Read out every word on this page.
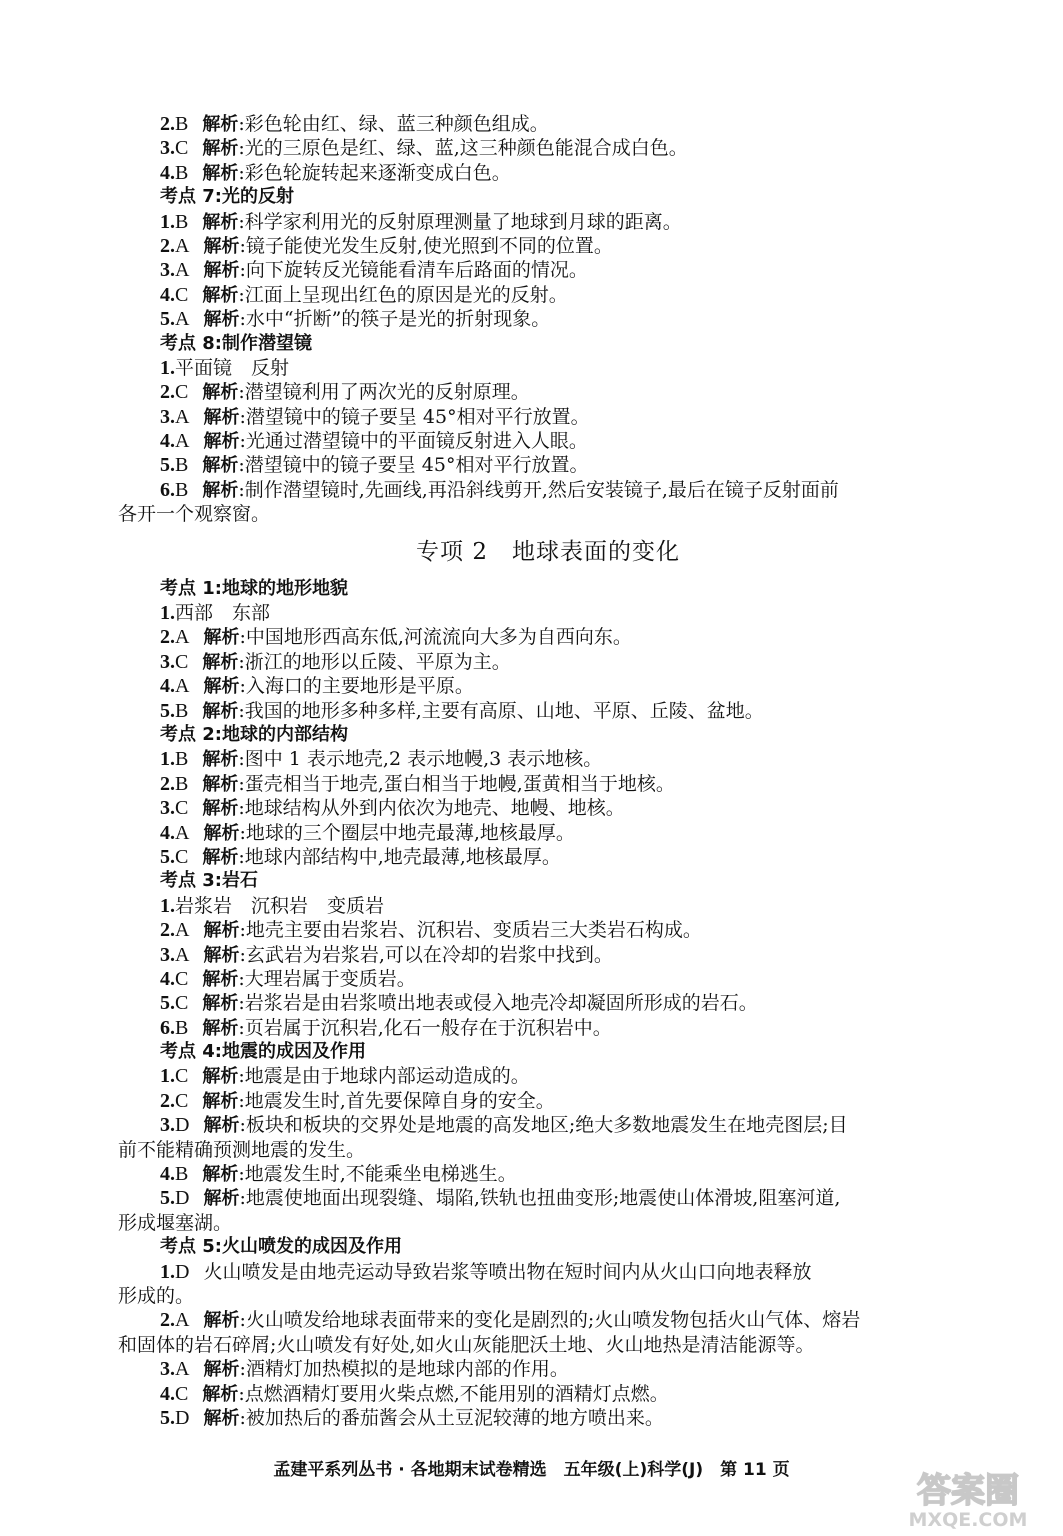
2.B 解析:彩色轮由红、绿、蓝三种颜色组成。
3.C 解析:光的三原色是红、绿、蓝,这三种颜色能混合成白色。
4.B 解析:彩色轮旋转起来逐渐变成白色。
考点 7:光的反射
1.B 解析:科学家利用光的反射原理测量了地球到月球的距离。
2.A 解析:镜子能使光发生反射,使光照到不同的位置。
3.A 解析:向下旋转反光镜能看清车后路面的情况。
4.C 解析:江面上呈现出红色的原因是光的反射。
5.A 解析:水中“折断”的筷子是光的折射现象。
考点 8:制作潜望镜
1.平面镜　反射
2.C 解析:潜望镜利用了两次光的反射原理。
3.A 解析:潜望镜中的镜子要呈 45°相对平行放置。
4.A 解析:光通过潜望镜中的平面镜反射进入人眼。
5.B 解析:潜望镜中的镜子要呈 45°相对平行放置。
6.B 解析:制作潜望镜时,先画线,再沿斜线剪开,然后安装镜子,最后在镜子反射面前
各开一个观察窗。
专项 2　地球表面的变化
考点 1:地球的地形地貌
1.西部　东部
2.A 解析:中国地形西高东低,河流流向大多为自西向东。
3.C 解析:浙江的地形以丘陵、平原为主。
4.A 解析:入海口的主要地形是平原。
5.B 解析:我国的地形多种多样,主要有高原、山地、平原、丘陵、盆地。
考点 2:地球的内部结构
1.B 解析:图中 1 表示地壳,2 表示地幔,3 表示地核。
2.B 解析:蛋壳相当于地壳,蛋白相当于地幔,蛋黄相当于地核。
3.C 解析:地球结构从外到内依次为地壳、地幔、地核。
4.A 解析:地球的三个圈层中地壳最薄,地核最厚。
5.C 解析:地球内部结构中,地壳最薄,地核最厚。
考点 3:岩石
1.岩浆岩　沉积岩　变质岩
2.A 解析:地壳主要由岩浆岩、沉积岩、变质岩三大类岩石构成。
3.A 解析:玄武岩为岩浆岩,可以在冷却的岩浆中找到。
4.C 解析:大理岩属于变质岩。
5.C 解析:岩浆岩是由岩浆喷出地表或侵入地壳冷却凝固所形成的岩石。
6.B 解析:页岩属于沉积岩,化石一般存在于沉积岩中。
考点 4:地震的成因及作用
1.C 解析:地震是由于地球内部运动造成的。
2.C 解析:地震发生时,首先要保障自身的安全。
3.D 解析:板块和板块的交界处是地震的高发地区;绝大多数地震发生在地壳图层;目
前不能精确预测地震的发生。
4.B 解析:地震发生时,不能乘坐电梯逃生。
5.D 解析:地震使地面出现裂缝、塌陷,铁轨也扭曲变形;地震使山体滑坡,阻塞河道,
形成堰塞湖。
考点 5:火山喷发的成因及作用
1.D 火山喷发是由地壳运动导致岩浆等喷出物在短时间内从火山口向地表释放
形成的。
2.A 解析:火山喷发给地球表面带来的变化是剧烈的;火山喷发物包括火山气体、熔岩
和固体的岩石碎屑;火山喷发有好处,如火山灰能肥沃土地、火山地热是清洁能源等。
3.A 解析:酒精灯加热模拟的是地球内部的作用。
4.C 解析:点燃酒精灯要用火柴点燃,不能用别的酒精灯点燃。
5.D 解析:被加热后的番茄酱会从土豆泥较薄的地方喷出来。
孟建平系列丛书 · 各地期末试卷精选　五年级(上)科学(J)　第 11 页
答案圈
MXQE.COM
